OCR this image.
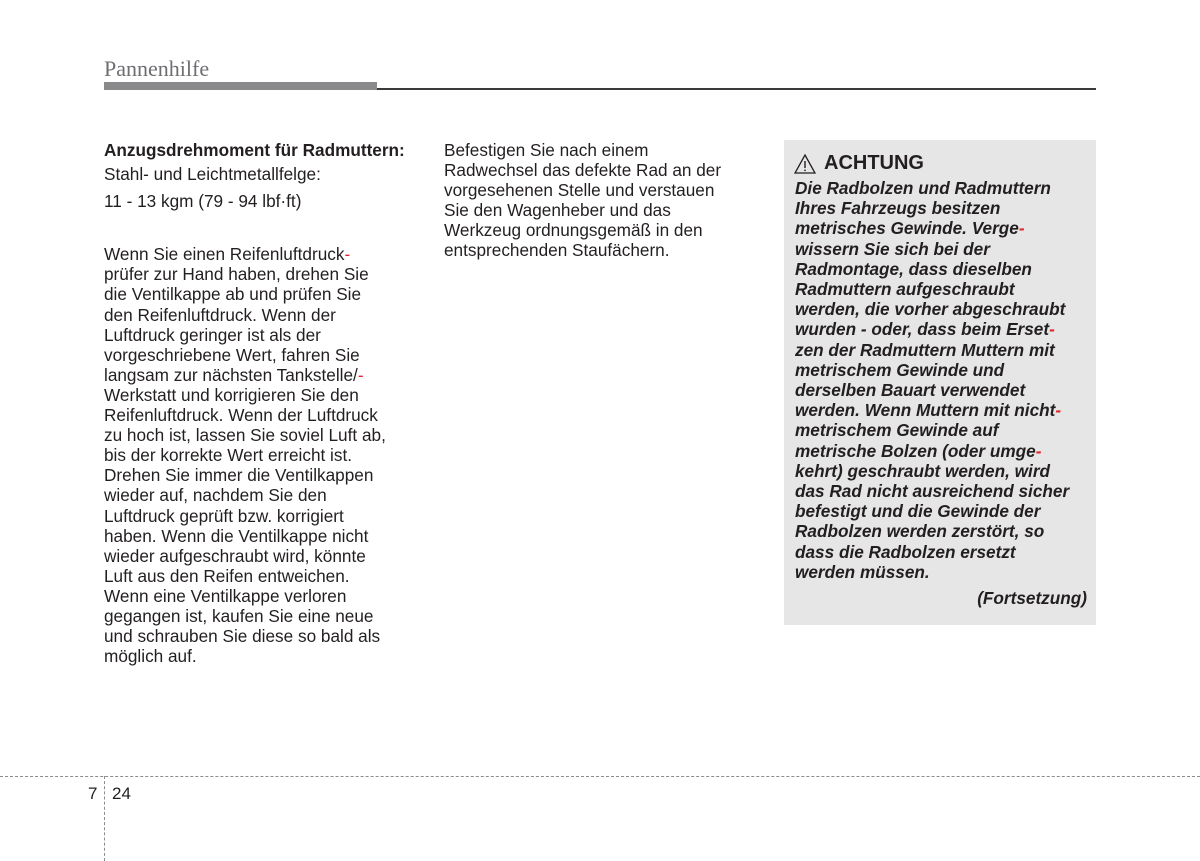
Pannenhilfe
Anzugsdrehmoment für Radmuttern:
Stahl- und Leichtmetallfelge:
11 - 13 kgm (79 - 94 lbf·ft)
Wenn Sie einen Reifenluftdruck-
prüfer zur Hand haben, drehen Sie
die Ventilkappe ab und prüfen Sie
den Reifenluftdruck. Wenn der
Luftdruck geringer ist als der
vorgeschriebene Wert, fahren Sie
langsam zur nächsten Tankstelle/-
Werkstatt und korrigieren Sie den
Reifenluftdruck. Wenn der Luftdruck
zu hoch ist, lassen Sie soviel Luft ab,
bis der korrekte Wert erreicht ist.
Drehen Sie immer die Ventilkappen
wieder auf, nachdem Sie den
Luftdruck geprüft bzw. korrigiert
haben. Wenn die Ventilkappe nicht
wieder aufgeschraubt wird, könnte
Luft aus den Reifen entweichen.
Wenn eine Ventilkappe verloren
gegangen ist, kaufen Sie eine neue
und schrauben Sie diese so bald als
möglich auf.
Befestigen Sie nach einem
Radwechsel das defekte Rad an der
vorgesehenen Stelle und verstauen
Sie den Wagenheber und das
Werkzeug ordnungsgemäß in den
entsprechenden Staufächern.
ACHTUNG
Die Radbolzen und Radmuttern
Ihres Fahrzeugs besitzen
metrisches Gewinde. Verge-
wissern Sie sich bei der
Radmontage, dass dieselben
Radmuttern aufgeschraubt
werden, die vorher abgeschraubt
wurden - oder, dass beim Erset-
zen der Radmuttern Muttern mit
metrischem Gewinde und
derselben Bauart verwendet
werden. Wenn Muttern mit nicht-
metrischem Gewinde auf
metrische Bolzen (oder umge-
kehrt) geschraubt werden, wird
das Rad nicht ausreichend sicher
befestigt und die Gewinde der
Radbolzen werden zerstört, so
dass die Radbolzen ersetzt
werden müssen.
(Fortsetzung)
7 24
